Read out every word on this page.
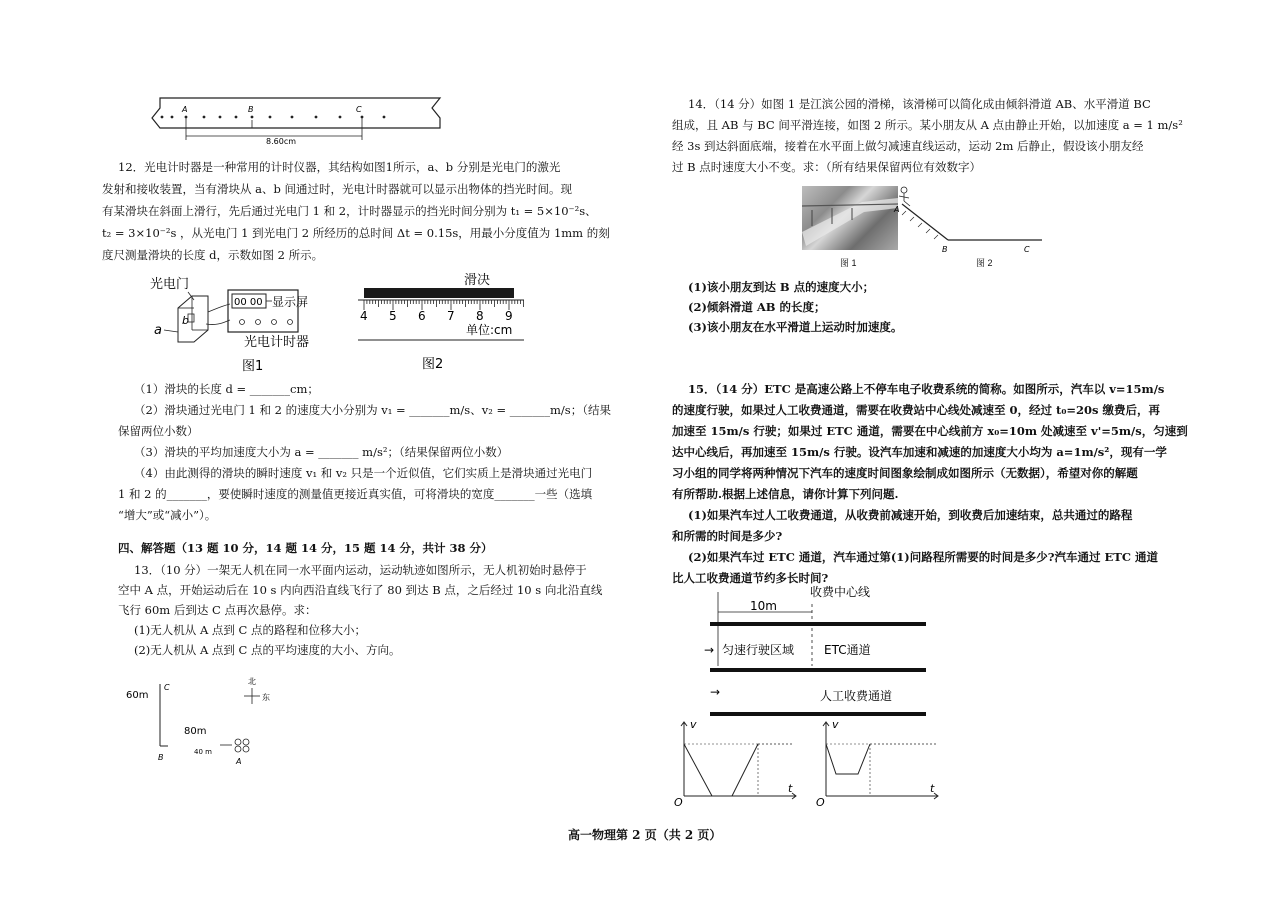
A	B	C
8.60cm
12．光电计时器是一种常用的计时仪器，其结构如图1所示，a、b 分别是光电门的激光
发射和接收装置，当有滑块从 a、b 间通过时，光电计时器就可以显示出物体的挡光时间。现
有某滑块在斜面上滑行，先后通过光电门 1 和 2，计时器显示的挡光时间分别为 t₁ = 5×10⁻²s、
t₂ = 3×10⁻²s ，从光电门 1 到光电门 2 所经历的总时间 Δt = 0.15s，用最小分度值为 1mm 的刻
度尺测量滑块的长度 d，示数如图 2 所示。
光电门
b
a
00 00 显示屏
光电计时器
图1
滑决
4 5 6 7 8 9
单位:cm
图2
（1）滑块的长度 d = _______cm；
（2）滑块通过光电门 1 和 2 的速度大小分别为 v₁ = _______m/s、v₂ = _______m/s；（结果
保留两位小数）
（3）滑块的平均加速度大小为 a = _______ m/s²；（结果保留两位小数）
（4）由此测得的滑块的瞬时速度 v₁ 和 v₂ 只是一个近似值，它们实质上是滑块通过光电门
1 和 2 的_______，要使瞬时速度的测量值更接近真实值，可将滑块的宽度_______一些（选填
“增大”或“减小”）。
四、解答题（13 题 10 分，14 题 14 分，15 题 14 分，共计 38 分）
13．（10 分）一架无人机在同一水平面内运动，运动轨迹如图所示，无人机初始时悬停于
空中 A 点，开始运动后在 10 s 内向西沿直线飞行了 80 到达 B 点，之后经过 10 s 向北沿直线
飞行 60m 后到达 C 点再次悬停。求：
(1)无人机从 A 点到 C 点的路程和位移大小；
(2)无人机从 A 点到 C 点的平均速度的大小、方向。
60m
C
B
80m
40 m
A
北
东
14．（14 分）如图 1 是江滨公园的滑梯，该滑梯可以简化成由倾斜滑道 AB、水平滑道 BC
组成，且 AB 与 BC 间平滑连接，如图 2 所示。某小朋友从 A 点由静止开始，以加速度 a = 1 m/s²
经 3s 到达斜面底端，接着在水平面上做匀减速直线运动，运动 2m 后静止，假设该小朋友经
过 B 点时速度大小不变。求：（所有结果保留两位有效数字）
图 1
A
B	C
图 2
(1)该小朋友到达 B 点的速度大小；
(2)倾斜滑道 AB 的长度；
(3)该小朋友在水平滑道上运动时加速度。
15．（14 分）ETC 是高速公路上不停车电子收费系统的简称。如图所示，汽车以 v=15m/s
的速度行驶，如果过人工收费通道，需要在收费站中心线处减速至 0，经过 t₀=20s 缴费后，再
加速至 15m/s 行驶；如果过 ETC 通道，需要在中心线前方 x₀=10m 处减速至 v'=5m/s，匀速到
达中心线后，再加速至 15m/s 行驶。设汽车加速和减速的加速度大小均为 a=1m/s²，现有一学
习小组的同学将两种情况下汽车的速度时间图象绘制成如图所示（无数据），希望对你的解题
有所帮助.根据上述信息，请你计算下列问题.
(1)如果汽车过人工收费通道，从收费前减速开始，到收费后加速结束，总共通过的路程
和所需的时间是多少?
(2)如果汽车过 ETC 通道，汽车通过第(1)问路程所需要的时间是多少?汽车通过 ETC 通道
比人工收费通道节约多长时间?
收费中心线
10m
→ 匀速行驶区域 ETC通道
→	人工收费通道
v
t
O
v
t
O
高一物理第 2 页（共 2 页）
